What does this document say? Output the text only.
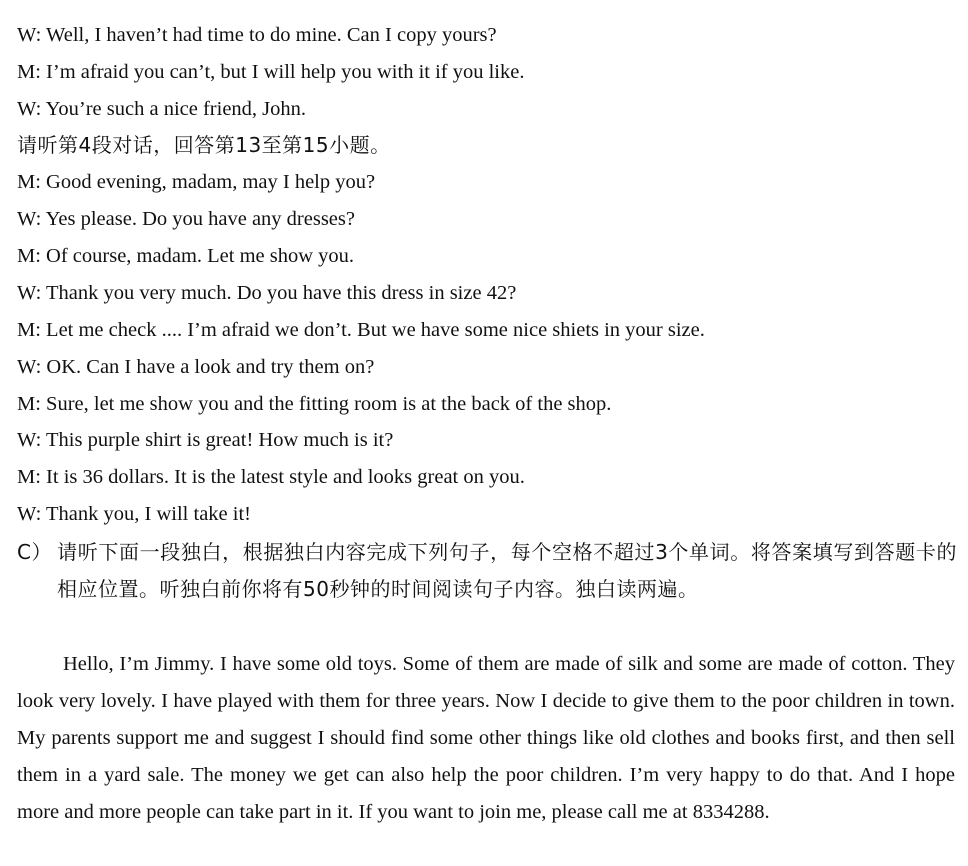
W: Well, I haven’t had time to do mine. Can I copy yours?
M: I’m afraid you can’t, but I will help you with it if you like.
W: You’re such a nice friend, John.
请听第4段对话，回答第13至第15小题。
M: Good evening, madam, may I help you?
W: Yes please. Do you have any dresses?
M: Of course, madam. Let me show you.
W: Thank you very much. Do you have this dress in size 42?
M: Let me check .... I’m afraid we don’t. But we have some nice shiets in your size.
W: OK. Can I have a look and try them on?
M: Sure, let me show you and the fitting room is at the back of the shop.
W: This purple shirt is great! How much is it?
M: It is 36 dollars. It is the latest style and looks great on you.
W: Thank you, I will take it!
C） 请听下面一段独白，根据独白内容完成下列句子，每个空格不超过3个单词。将答案填写到答题卡的相应位置。听独白前你将有50秒钟的时间阅读句子内容。独白读两遍。
Hello, I’m Jimmy. I have some old toys. Some of them are made of silk and some are made of cotton. They look very lovely. I have played with them for three years. Now I decide to give them to the poor children in town. My parents support me and suggest I should find some other things like old clothes and books first, and then sell them in a yard sale. The money we get can also help the poor children. I’m very happy to do that. And I hope more and more people can take part in it. If you want to join me, please call me at 8334288.
